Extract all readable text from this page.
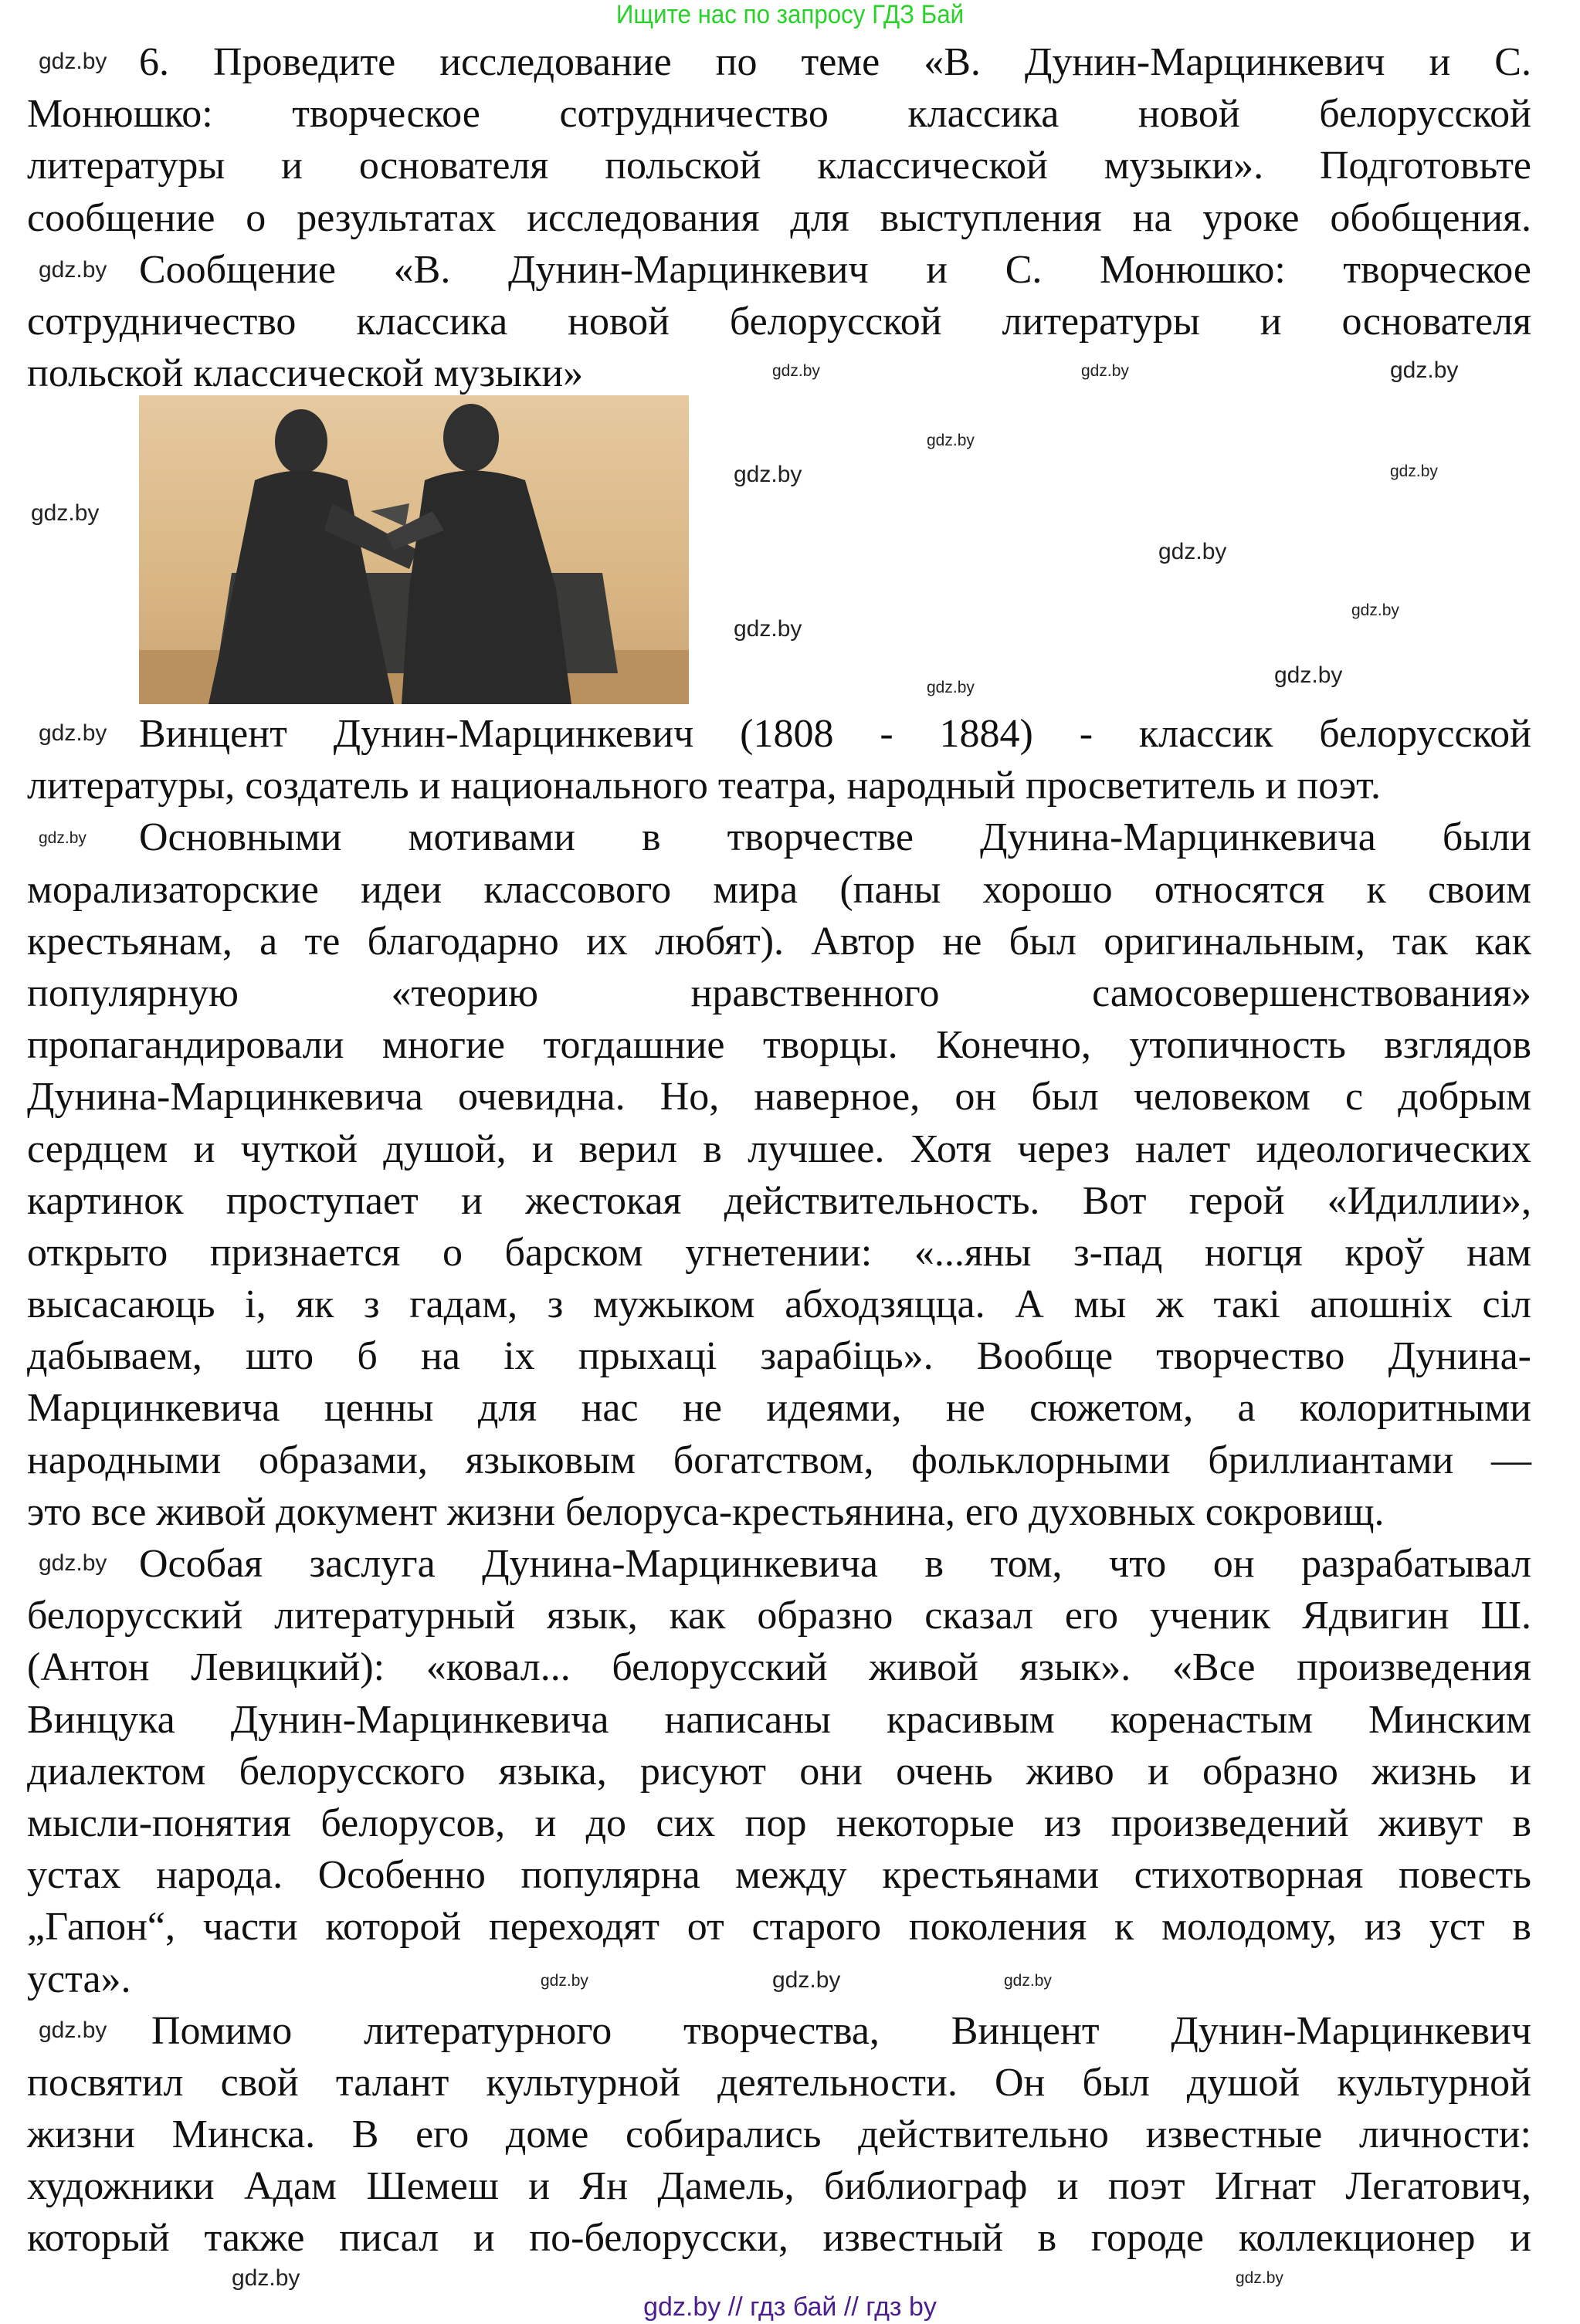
Ищите нас по запросу ГДЗ Бай
6. Проведите исследование по теме «В. Дунин-Марцинкевич и С.
Монюшко: творческое сотрудничество классика новой белорусской
литературы и основателя польской классической музыки». Подготовьте
сообщение о результатах исследования для выступления на уроке обобщения.
Сообщение «В. Дунин-Марцинкевич и С. Монюшко: творческое
сотрудничество классика новой белорусской литературы и основателя
польской классической музыки»
Винцент Дунин-Марцинкевич (1808 - 1884) - классик белорусской
литературы, создатель и национального театра, народный просветитель и поэт.
Основными мотивами в творчестве Дунина-Марцинкевича были
морализаторские идеи классового мира (паны хорошо относятся к своим
крестьянам, а те благодарно их любят). Автор не был оригинальным, так как
популярную «теорию нравственного самосовершенствования»
пропагандировали многие тогдашние творцы. Конечно, утопичность взглядов
Дунина-Марцинкевича очевидна. Но, наверное, он был человеком с добрым
сердцем и чуткой душой, и верил в лучшее. Хотя через налет идеологических
картинок проступает и жестокая действительность. Вот герой «Идиллии»,
открыто признается о барском угнетении: «...яны з-пад ногця кроў нам
высасаюць і, як з гадам, з мужыком абходзяцца. А мы ж такі апошніх сіл
дабываем, што б на іх прыхаці зарабіць». Вообще творчество Дунина-
Марцинкевича ценны для нас не идеями, не сюжетом, а колоритными
народными образами, языковым богатством, фольклорными бриллиантами —
это все живой документ жизни белоруса-крестьянина, его духовных сокровищ.
Особая заслуга Дунина-Марцинкевича в том, что он разрабатывал
белорусский литературный язык, как образно сказал его ученик Ядвигин Ш.
(Антон Левицкий): «ковал... белорусский живой язык». «Все произведения
Винцука Дунин-Марцинкевича написаны красивым коренастым Минским
диалектом белорусского языка, рисуют они очень живо и образно жизнь и
мысли-понятия белорусов, и до сих пор некоторые из произведений живут в
устах народа. Особенно популярна между крестьянами стихотворная повесть
„Гапон“, части которой переходят от старого поколения к молодому, из уст в
уста».
Помимо литературного творчества, Винцент Дунин-Марцинкевич
посвятил свой талант культурной деятельности. Он был душой культурной
жизни Минска. В его доме собирались действительно известные личности:
художники Адам Шемеш и Ян Дамель, библиограф и поэт Игнат Легатович,
который также писал и по-белорусски, известный в городе коллекционер и
gdz.by
gdz.by	gdz.by	gdz.by
gdz.by
gdz.by
gdz.by
gdz.by
gdz.by
gdz.by
gdz.by
gdz.by
gdz.by
gdz.by	gdz.by
gdz.by
gdz.by
gdz.by
gdz.by	gdz.by
gdz.by
gdz.by
gdz.by
gdz.by // гдз бай // гдз by
